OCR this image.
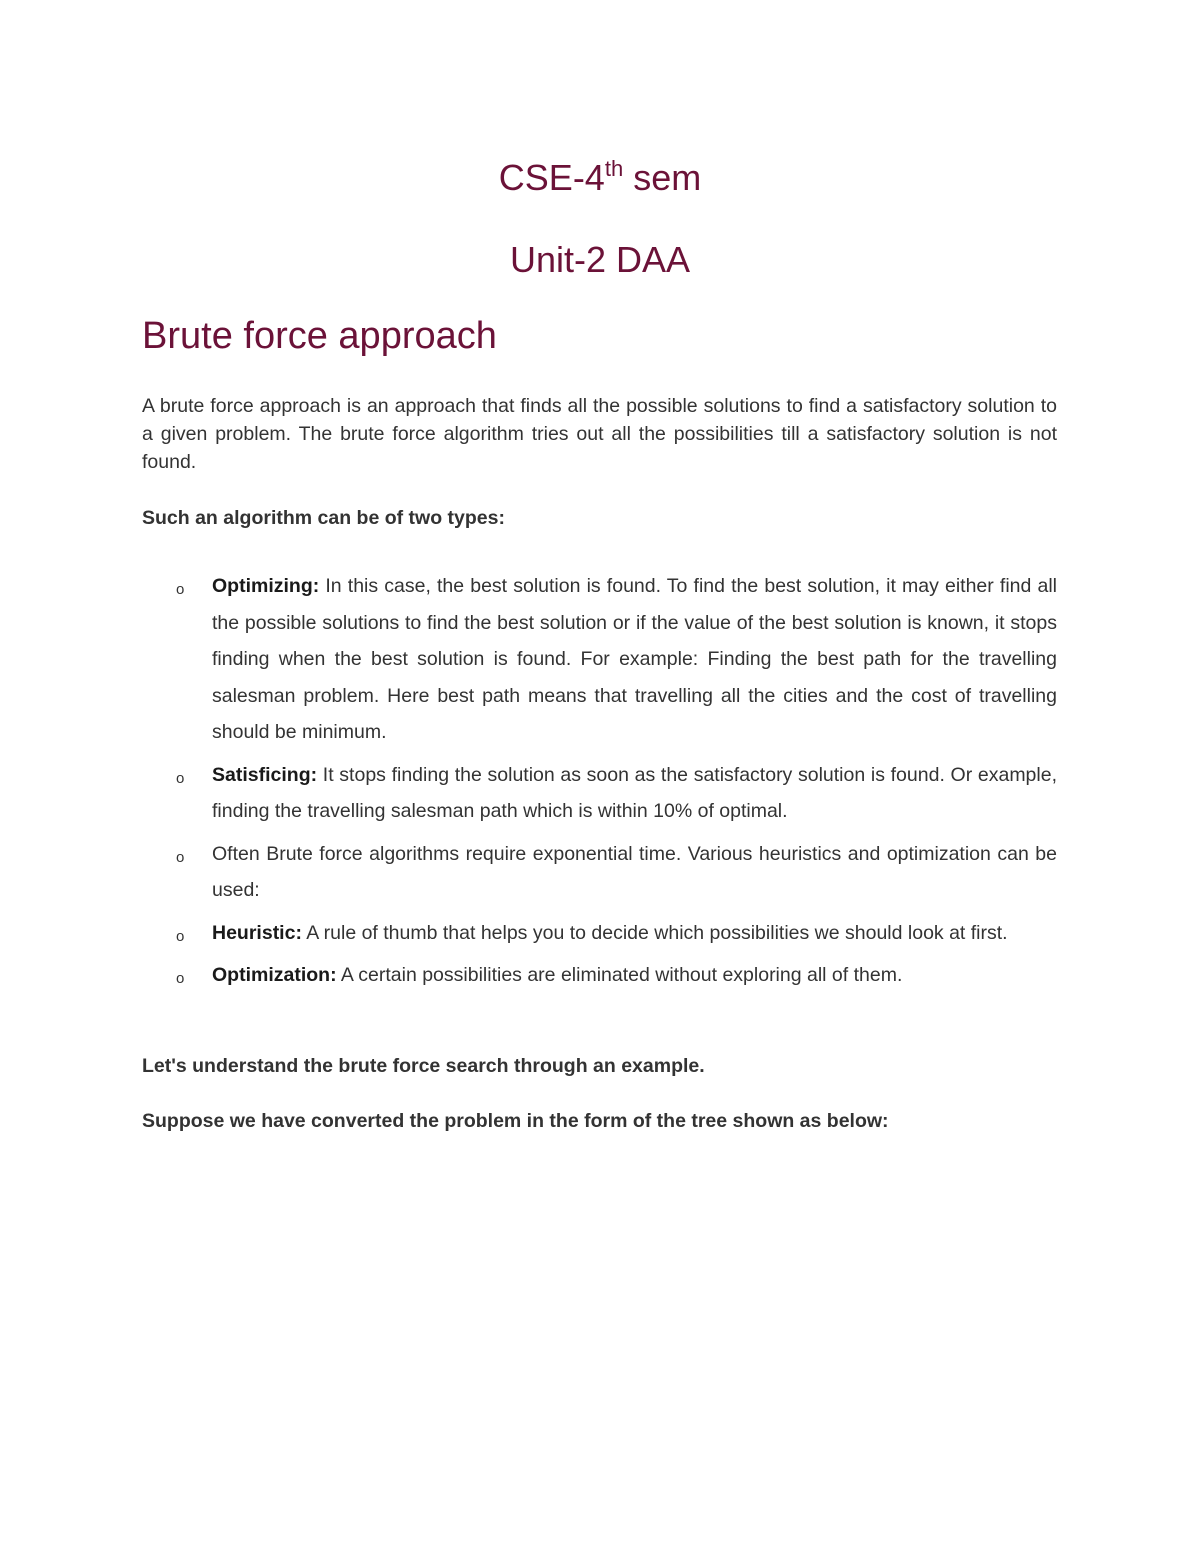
CSE-4th sem
Unit-2 DAA
Brute force approach
A brute force approach is an approach that finds all the possible solutions to find a satisfactory solution to a given problem. The brute force algorithm tries out all the possibilities till a satisfactory solution is not found.
Such an algorithm can be of two types:
o Optimizing: In this case, the best solution is found. To find the best solution, it may either find all the possible solutions to find the best solution or if the value of the best solution is known, it stops finding when the best solution is found. For example: Finding the best path for the travelling salesman problem. Here best path means that travelling all the cities and the cost of travelling should be minimum.
o Satisficing: It stops finding the solution as soon as the satisfactory solution is found. Or example, finding the travelling salesman path which is within 10% of optimal.
o Often Brute force algorithms require exponential time. Various heuristics and optimization can be used:
o Heuristic: A rule of thumb that helps you to decide which possibilities we should look at first.
o Optimization: A certain possibilities are eliminated without exploring all of them.
Let's understand the brute force search through an example.
Suppose we have converted the problem in the form of the tree shown as below:
